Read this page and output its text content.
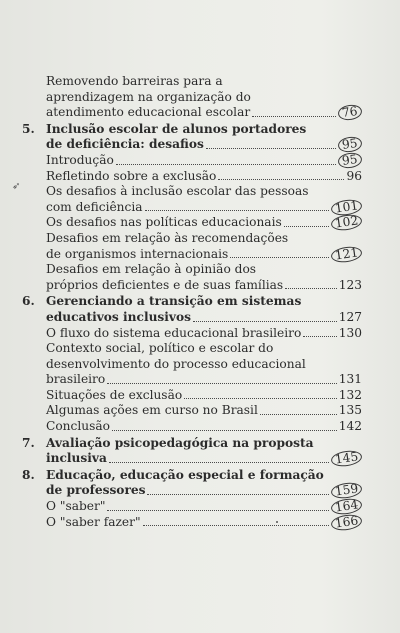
Removendo barreiras para a
aprendizagem na organização do
atendimento educacional escolar	76
5. Inclusão escolar de alunos portadores
de deficiência: desafios	95
Introdução	95
Refletindo sobre a exclusão	96
Os desafios à inclusão escolar das pessoas
com deficiência	101
Os desafios nas políticas educacionais	102
Desafios em relação às recomendações
de organismos internacionais	121
Desafios em relação à opinião dos
próprios deficientes e de suas famílias	123
6. Gerenciando a transição em sistemas
educativos inclusivos	127
O fluxo do sistema educacional brasileiro	130
Contexto social, político e escolar do
desenvolvimento do processo educacional
brasileiro	131
Situações de exclusão	132
Algumas ações em curso no Brasil	135
Conclusão	142
7. Avaliação psicopedagógica na proposta
inclusiva	145
8. Educação, educação especial e formação
de professores	159
O "saber"	164
O "saber fazer"	166
➶
